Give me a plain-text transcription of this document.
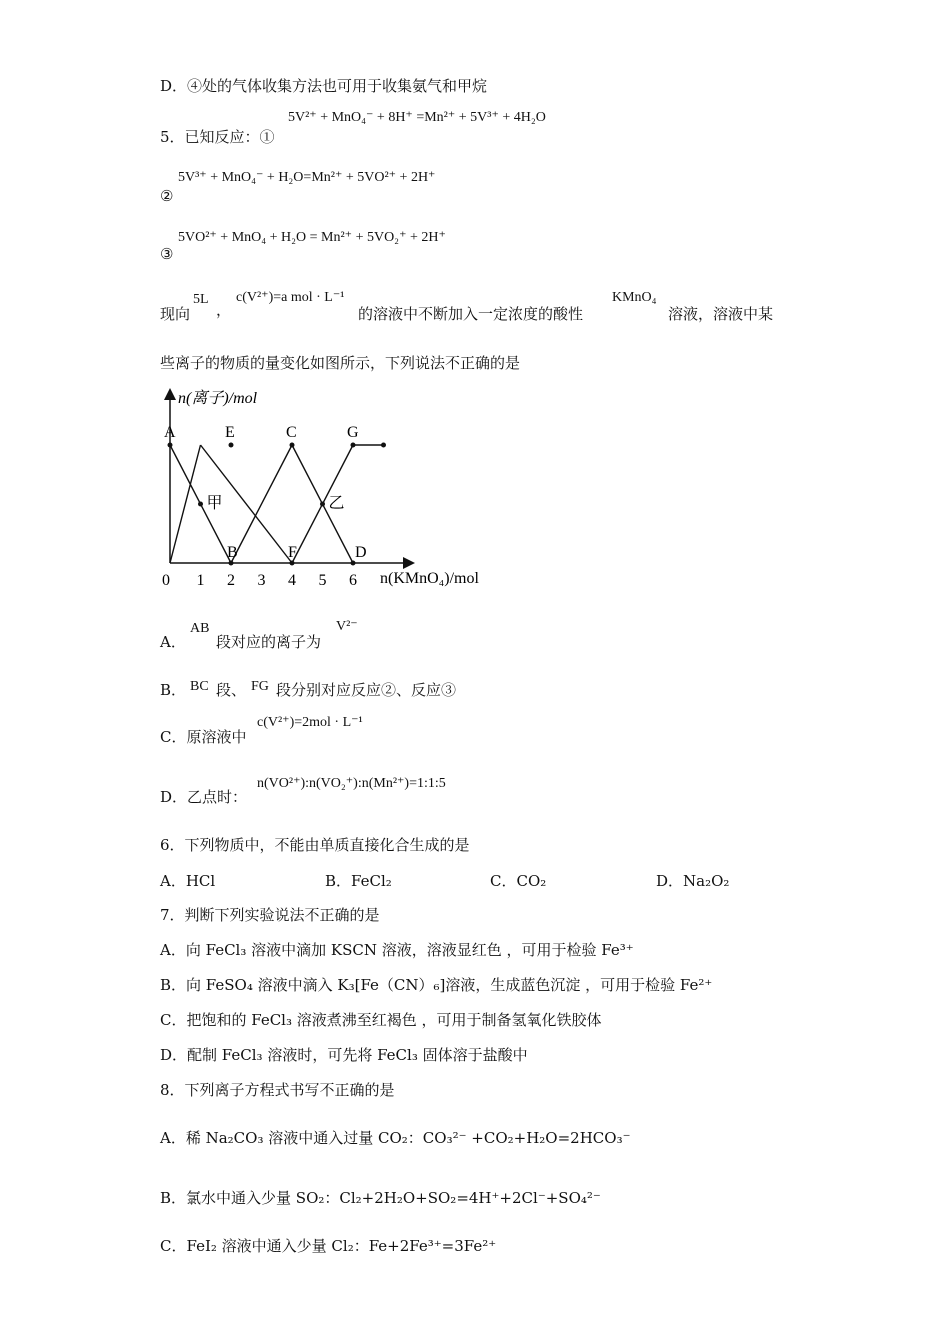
D．④处的气体收集方法也可用于收集氨气和甲烷
5．已知反应：①
5V²⁺ + MnO₄⁻ + 8H⁺ =Mn²⁺ + 5V³⁺ + 4H₂O
②
5V³⁺ + MnO₄⁻ + H₂O=Mn²⁺ + 5VO²⁺ + 2H⁺
③
5VO²⁺ + MnO₄ + H₂O = Mn²⁺ + 5VO₂⁺ + 2H⁺
现向
5L
，
c(V²⁺)=a mol · L⁻¹
的溶液中不断加入一定浓度的酸性
KMnO₄
溶液，溶液中某
些离子的物质的量变化如图所示，下列说法不正确的是
n(离子)/mol
n(KMnO₄)/mol
0 1 2 3 4 5 6
A	E	C	G
甲	乙
B	F	D
A．
AB
段对应的离子为
V²⁻
B． BC 段、 FG 段分别对应反应②、反应③
C．原溶液中
c(V²⁺)=2mol · L⁻¹
D．乙点时：
n(VO²⁺):n(VO₂⁺):n(Mn²⁺)=1:1:5
6．下列物质中，不能由单质直接化合生成的是
A．HCl	B．FeCl₂	C．CO₂	D．Na₂O₂
7．判断下列实验说法不正确的是
A．向 FeCl₃ 溶液中滴加 KSCN 溶液，溶液显红色 ，可用于检验 Fe³⁺
B．向 FeSO₄ 溶液中滴入 K₃[Fe（CN）₆]溶液，生成蓝色沉淀 ，可用于检验 Fe²⁺
C．把饱和的 FeCl₃ 溶液煮沸至红褐色 ，可用于制备氢氧化铁胶体
D．配制 FeCl₃ 溶液时，可先将 FeCl₃ 固体溶于盐酸中
8．下列离子方程式书写不正确的是
A．稀 Na₂CO₃ 溶液中通入过量 CO₂：CO₃²⁻ +CO₂+H₂O=2HCO₃⁻
B．氯水中通入少量 SO₂：Cl₂+2H₂O+SO₂=4H⁺+2Cl⁻+SO₄²⁻
C．FeI₂ 溶液中通入少量 Cl₂：Fe+2Fe³⁺=3Fe²⁺
